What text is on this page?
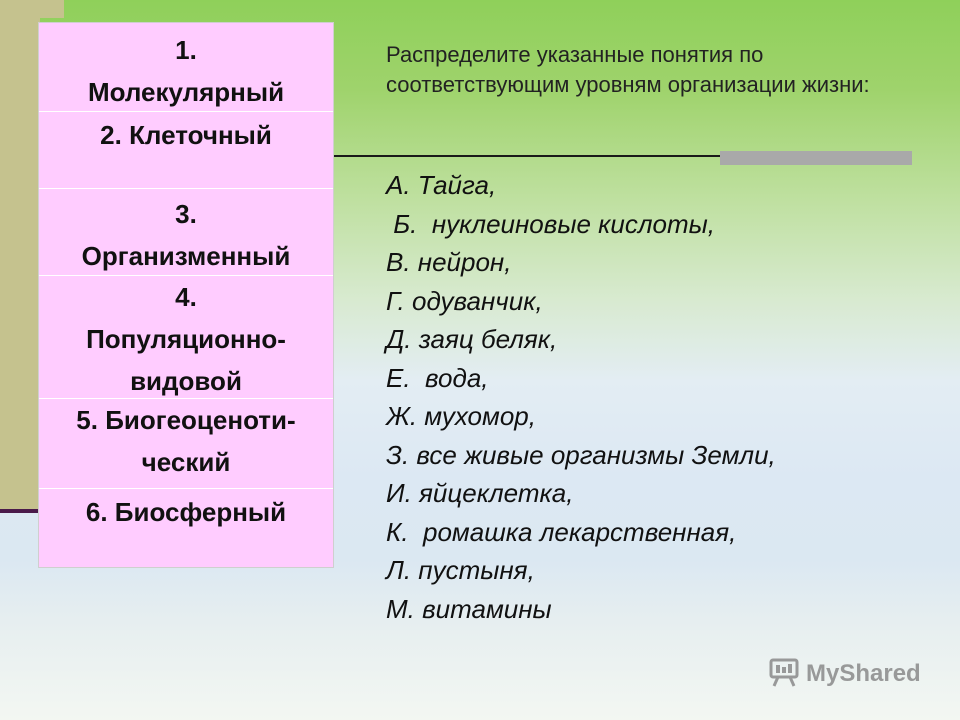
1.
Молекулярный
2. Клеточный
3.
Организменный
4.
Популяционно-
видовой
5. Биогеоценоти-
ческий
6. Биосферный
Распределите указанные понятия по соответствующим уровням организации жизни:
А. Тайга,
Б.  нуклеиновые кислоты,
В. нейрон,
Г. одуванчик,
Д. заяц беляк,
Е.  вода,
Ж. мухомор,
З. все живые организмы Земли,
И. яйцеклетка,
К.  ромашка лекарственная,
Л. пустыня,
М. витамины
MyShared
